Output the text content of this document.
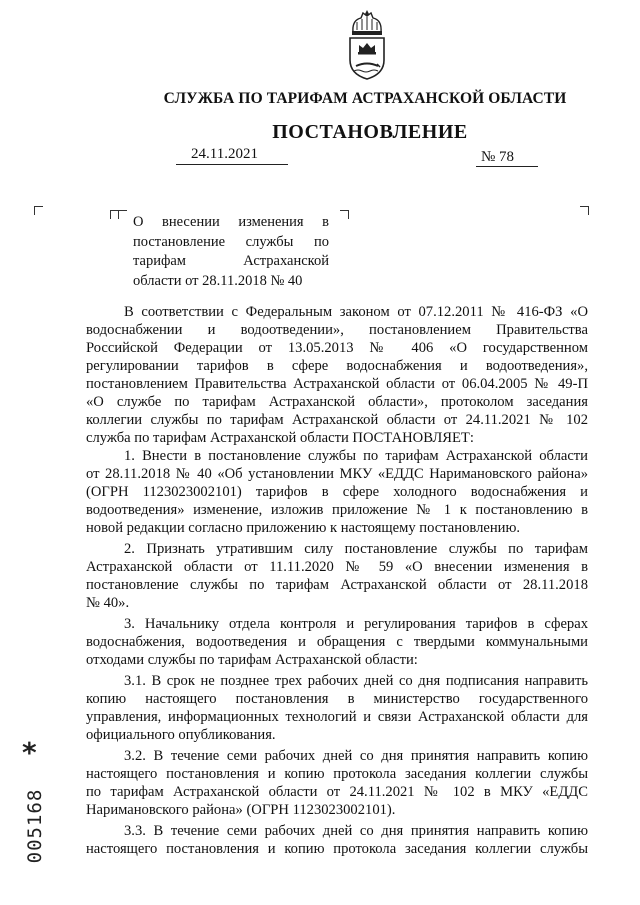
СЛУЖБА ПО ТАРИФАМ АСТРАХАНСКОЙ ОБЛАСТИ
ПОСТАНОВЛЕНИЕ
24.11.2021	№ 78
О внесении изменения в
постановление службы по
тарифам Астраханской
области от 28.11.2018 № 40
В соответствии с Федеральным законом от 07.12.2011 № 416-ФЗ «О
водоснабжении и водоотведении», постановлением Правительства
Российской Федерации от 13.05.2013 № 406 «О государственном
регулировании тарифов в сфере водоснабжения и водоотведения»,
постановлением Правительства Астраханской области от 06.04.2005 № 49-П
«О службе по тарифам Астраханской области», протоколом заседания
коллегии службы по тарифам Астраханской области от 24.11.2021 № 102
служба по тарифам Астраханской области ПОСТАНОВЛЯЕТ:
1. Внести в постановление службы по тарифам Астраханской области
от 28.11.2018 № 40 «Об установлении МКУ «ЕДДС Наримановского района»
(ОГРН 1123023002101) тарифов в сфере холодного водоснабжения и
водоотведения» изменение, изложив приложение № 1 к постановлению в
новой редакции согласно приложению к настоящему постановлению.
2. Признать утратившим силу постановление службы по тарифам
Астраханской области от 11.11.2020 № 59 «О внесении изменения в
постановление службы по тарифам Астраханской области от 28.11.2018
№ 40».
3. Начальнику отдела контроля и регулирования тарифов в сферах
водоснабжения, водоотведения и обращения с твердыми коммунальными
отходами службы по тарифам Астраханской области:
3.1. В срок не позднее трех рабочих дней со дня подписания направить
копию настоящего постановления в министерство государственного
управления, информационных технологий и связи Астраханской области для
официального опубликования.
3.2. В течение семи рабочих дней со дня принятия направить копию
настоящего постановления и копию протокола заседания коллегии службы
по тарифам Астраханской области от 24.11.2021 № 102 в МКУ «ЕДДС
Наримановского района» (ОГРН 1123023002101).
3.3. В течение семи рабочих дней со дня принятия направить копию
настоящего постановления и копию протокола заседания коллегии службы
*
005168
